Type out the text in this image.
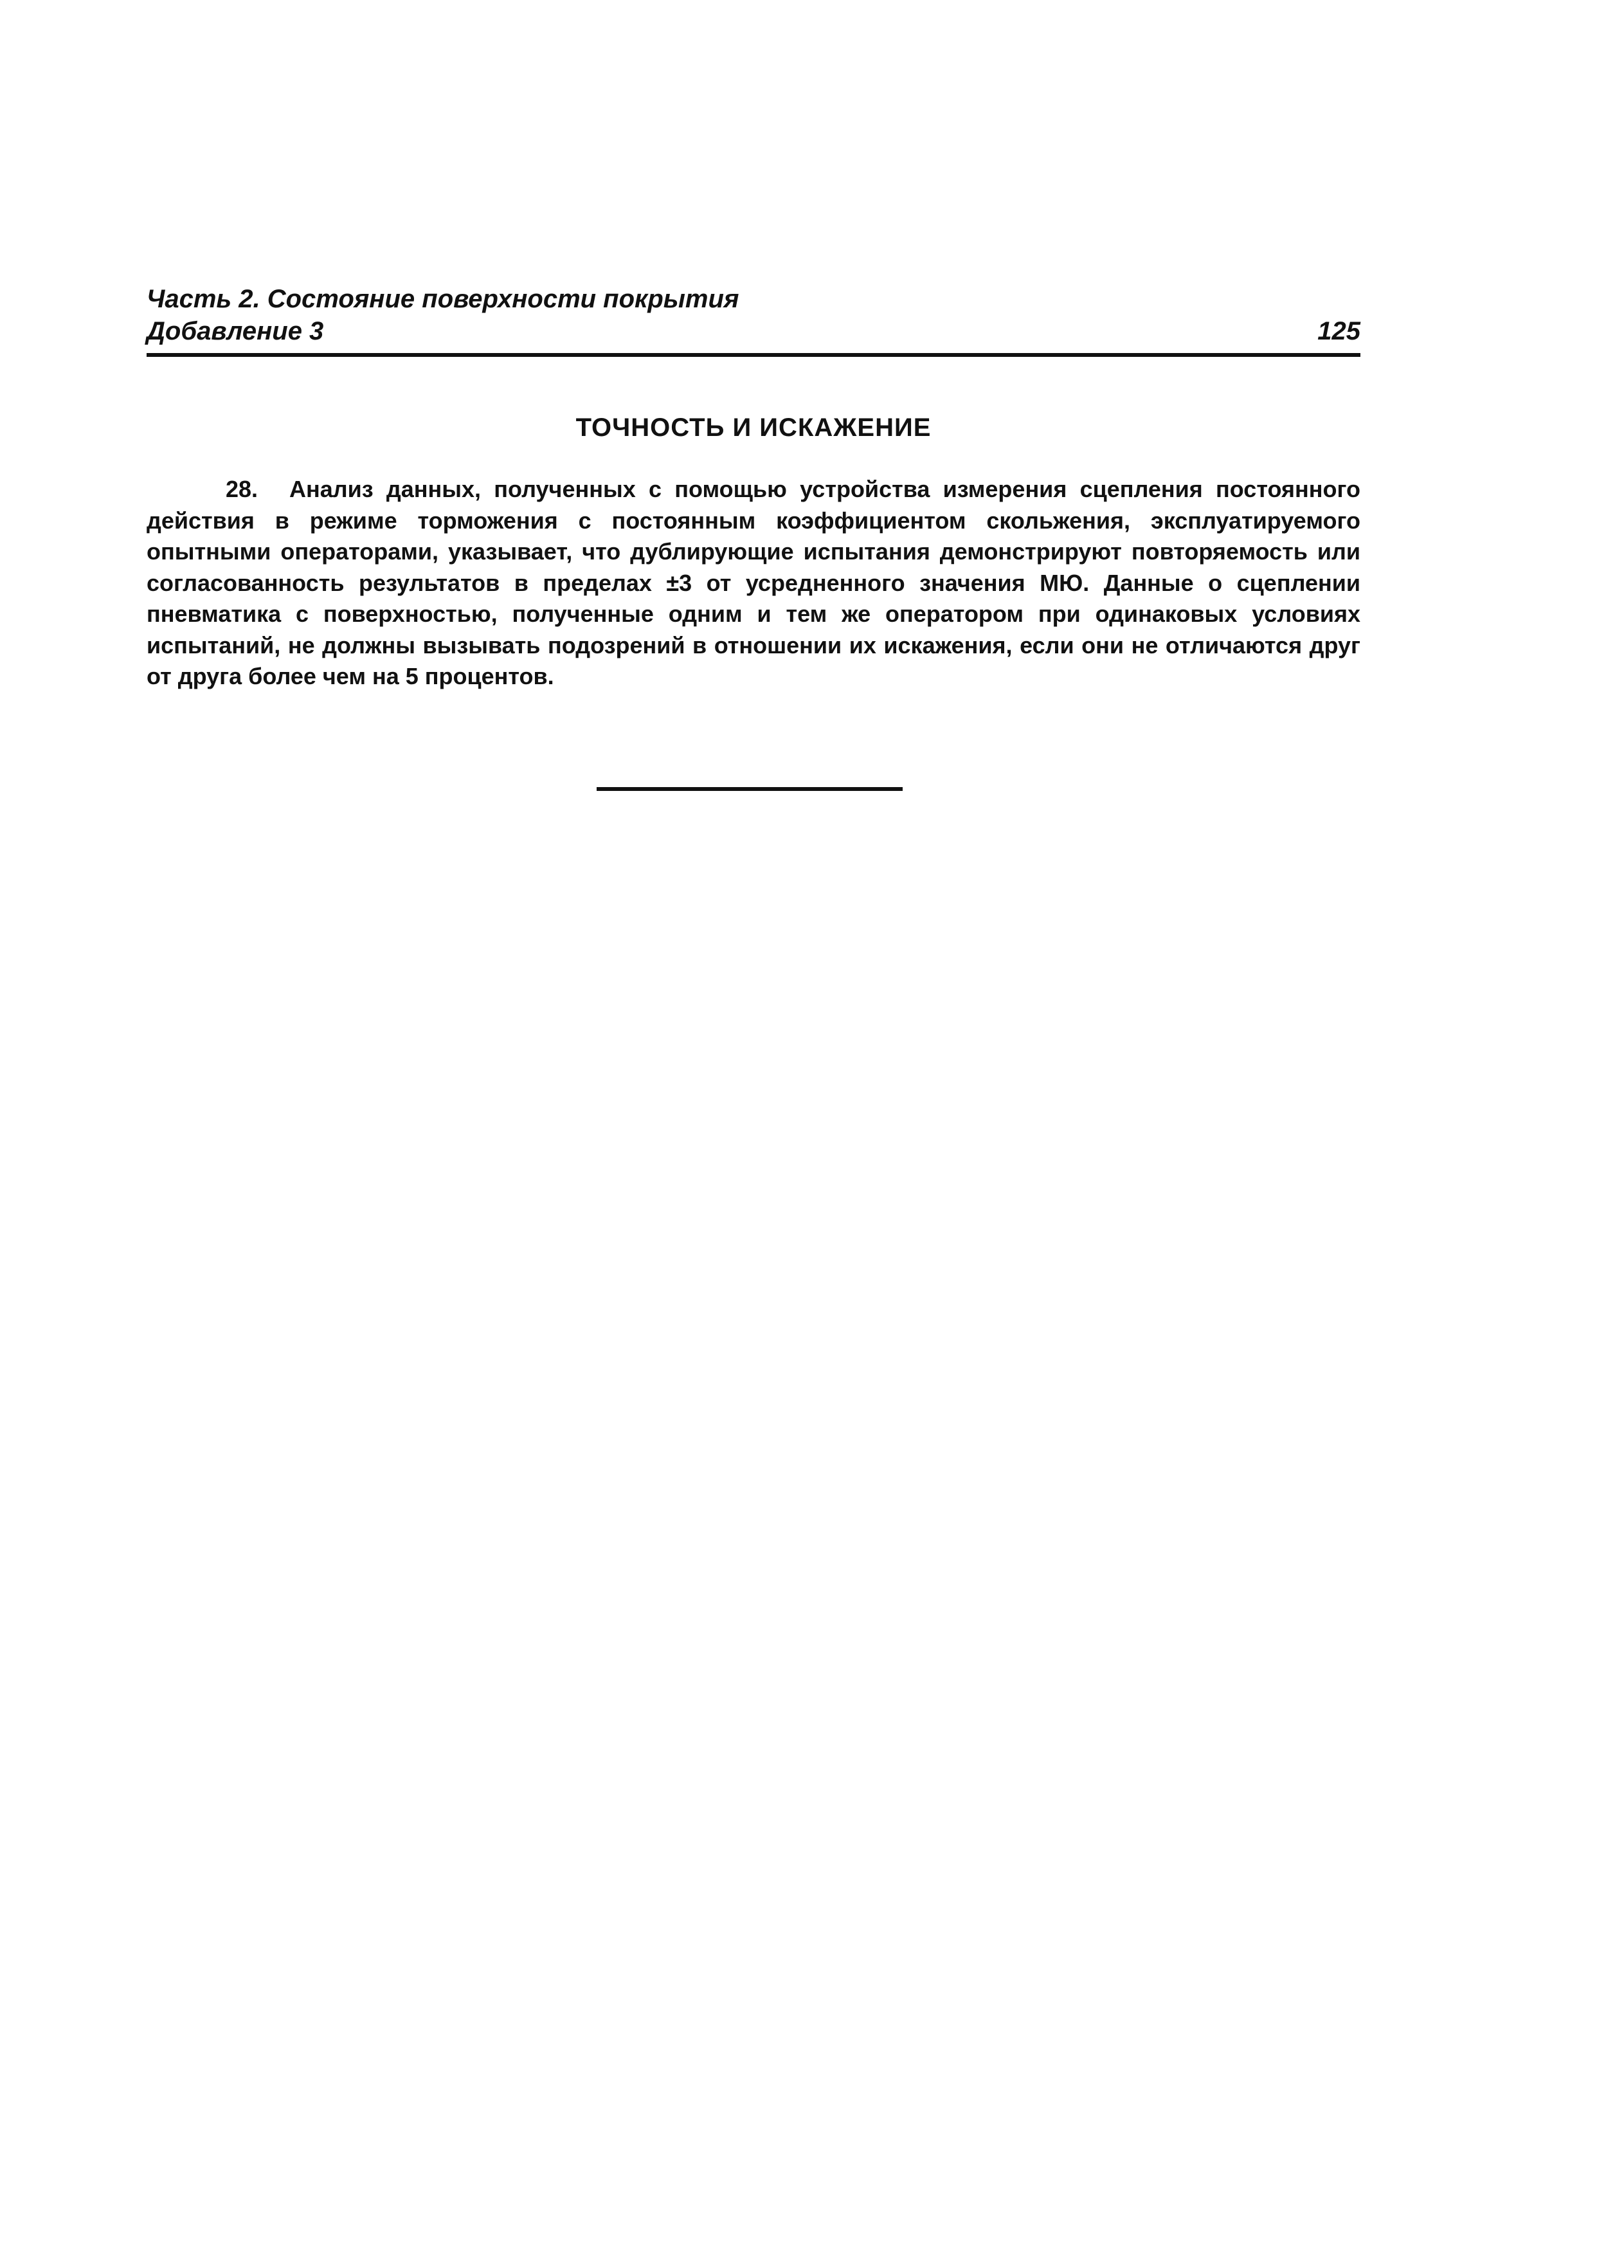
Часть 2. Состояние поверхности покрытия
Добавление 3	125
ТОЧНОСТЬ И ИСКАЖЕНИЕ

28. Анализ данных, полученных с помощью устройства измерения сцепления постоянного действия в режиме торможения с постоянным коэффициентом скольжения, эксплуатируемого опытными операторами, указывает, что дублирующие испытания демонстрируют повторяемость или согласованность результатов в пределах ±3 от усредненного значения МЮ. Данные о сцеплении пневматика с поверхностью, полученные одним и тем же оператором при одинаковых условиях испытаний, не должны вызывать подозрений в отношении их искажения, если они не отличаются друг от друга более чем на 5 процентов.
